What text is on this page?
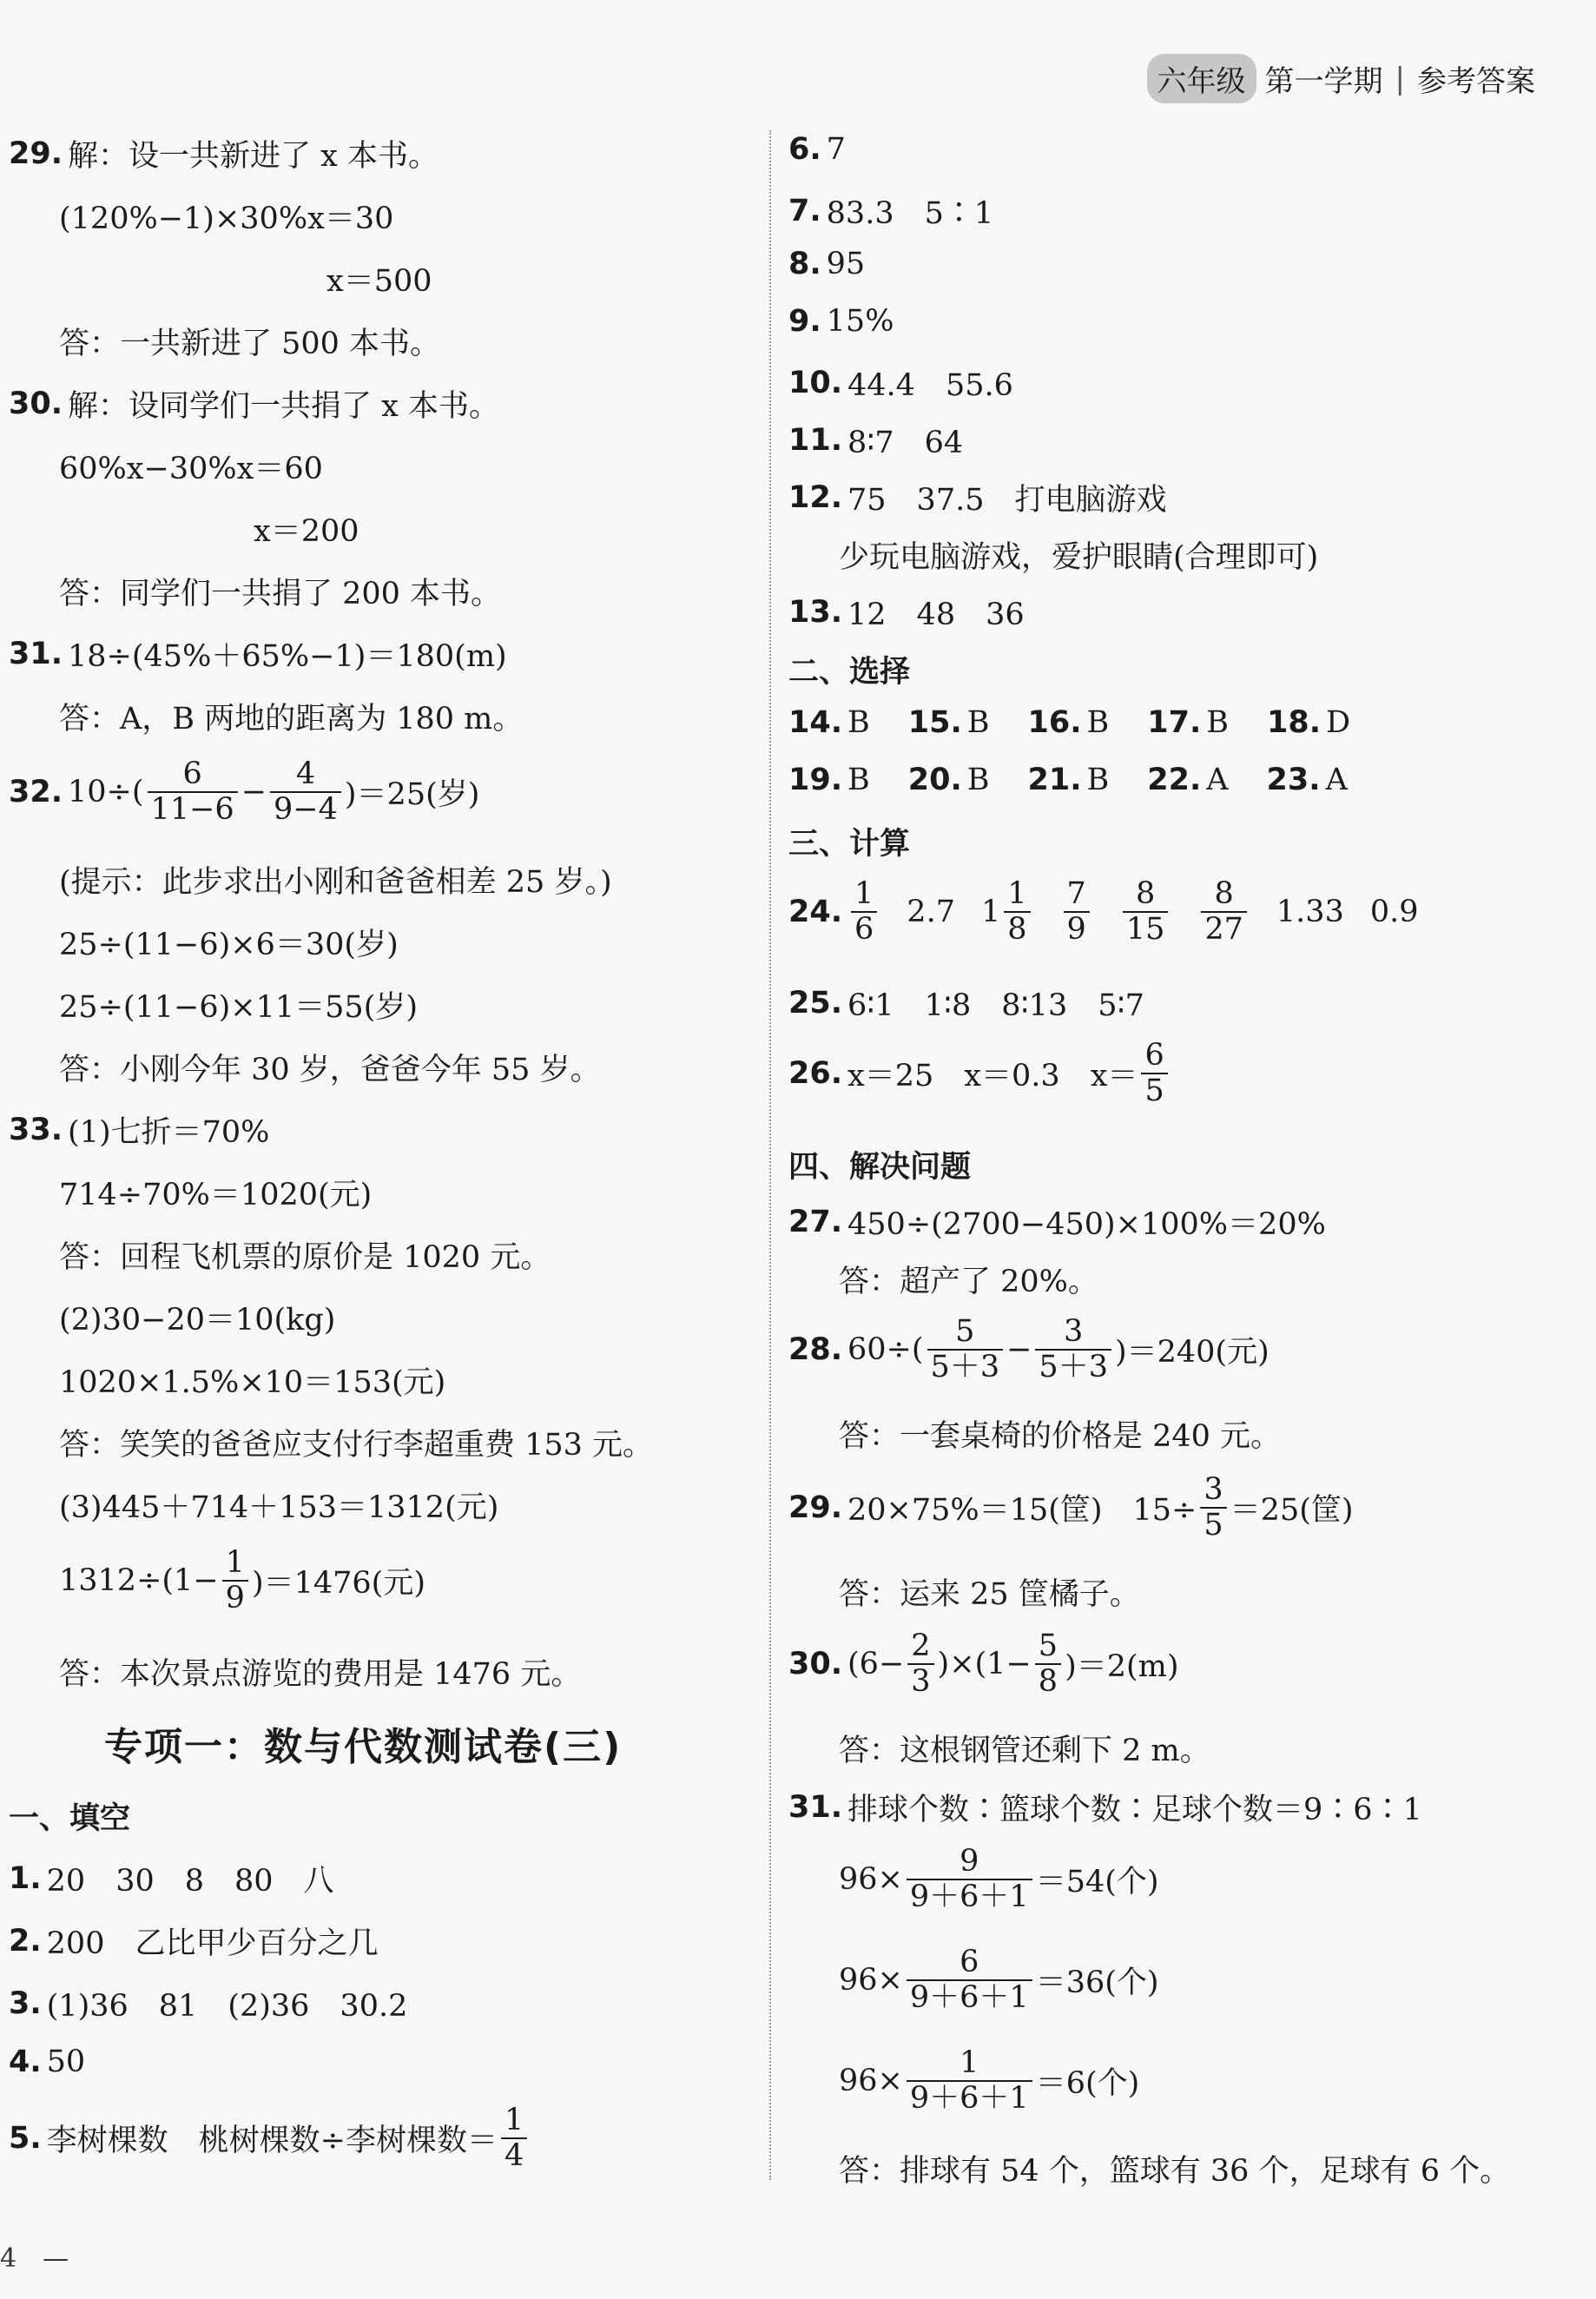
六年级 第一学期 | 参考答案
29. 解：设一共新进了 x 本书。
(120%−1)×30%x＝30
x＝500
答：一共新进了 500 本书。
30. 解：设同学们一共捐了 x 本书。
60%x−30%x＝60
x＝200
答：同学们一共捐了 200 本书。
31. 18÷(45%＋65%−1)＝180(m)
答：A，B 两地的距离为 180 m。
32. $10\div( \frac{6}{11-6} - \frac{4}{9-4} )=25$(岁)
(提示：此步求出小刚和爸爸相差 25 岁。)
25÷(11−6)×6＝30(岁)
25÷(11−6)×11＝55(岁)
答：小刚今年 30 岁，爸爸今年 55 岁。
33. (1)七折＝70%
714÷70%＝1020(元)
答：回程飞机票的原价是 1020 元。
(2)30−20＝10(kg)
1020×1.5%×10＝153(元)
答：笑笑的爸爸应支付行李超重费 153 元。
(3)445＋714＋153＝1312(元)
$1312\div(1- \frac{1}{9} )=1476$(元)
答：本次景点游览的费用是 1476 元。
一、填空
1. 20　30　8　80　八
2. 200　乙比甲少百分之几
3. (1)36　81　(2)36　30.2
4. 50
5. 李树棵数　桃树棵数÷李树棵数＝ $\frac{1}{4}$
专项一：数与代数测试卷(三)
6. 7
7. 83.3　5∶1
8. 95
9. 15%
10. 44.4　55.6
11. 8∶7　64
12. 75　37.5　打电脑游戏
少玩电脑游戏，爱护眼睛(合理即可)
13. 12　48　36
二、选择
14. B 15. B 16. B 17. B 18. D
19. B 20. B 21. B 22. A 23. A
三、计算
24. $\frac{1}{6} 2.7$ $1 \frac{1}{8} \frac{7}{9} \frac{8}{15} \frac{8}{27} 1.33$ 0.9
25. 6∶1　1∶8　8∶13　5∶7
26. x＝25　x＝0.3　$x= \frac{6}{5}$
四、解决问题
27. 450÷(2700−450)×100%＝20%
答：超产了 20%。
28. $60\div( \frac{5}{5+3} - \frac{3}{5+3} )=240$(元)
答：一套桌椅的价格是 240 元。
29. 20×75%＝15(筐)　$15\div \frac{3}{5} =25$(筐)
答：运来 25 筐橘子。
30. $(6- \frac{2}{3} )\times(1- \frac{5}{8} )=2(m)$
答：这根钢管还剩下 2 m。
31. 排球个数∶篮球个数∶足球个数＝9∶6∶1
$96\times \frac{9}{9+6+1} =54$(个)
$96\times \frac{6}{9+6+1} =36$(个)
$96\times \frac{1}{9+6+1} =6$(个)
答：排球有 54 个，篮球有 36 个，足球有 6 个。
4　—
